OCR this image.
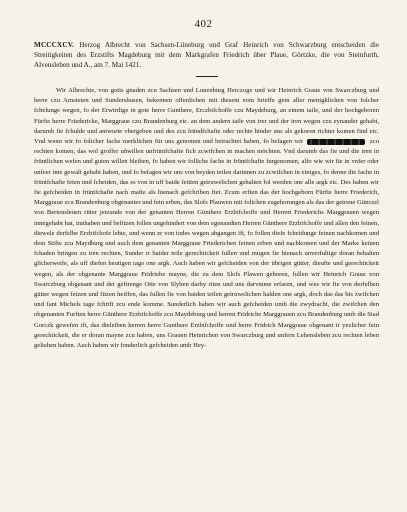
402
MCCCXCV. Herzog Albrecht von Sachsen-Lüneburg und Graf Heinrich von Schwarzburg entscheiden die Streitigkeiten des Erzstifts Magdeburg mit dem Markgrafen Friedrich über Plaue, Görtzke, die von Steinfurth, Alvensleben und A., am 7. Mai 1421.

Wir Albrechte, von gotis gnaden zcu Sachsen und Lunenburg Herczoge und wir Heinrich Graue von Swarczburg und herre czu Arnsteten und Sundershusen, bekennen offenlichen mit diesem eoin brieffe gein aller menigklichen von folcher fchelunge wegen, fo der Erwirdige in gote herre Gunthere, Erczbifchoffe czu Maydeburg, an einem taile, und der hochgeboren Fürfte herre Friedericke, Marggraue czu Brandenburg etc. an dem andern taile von irer und der iren wegen czu eynander gehabt, darumb fie fchulde und antwurte vbergeben und des zcu fründfchafte oder rechte hinder uns als gekoren richter komen find etc. Vnd wenn wir fo folicher fache merklichen für uns genomen und betrachtet haben, fo befagen wir	zcu rechten komen, das wol groffer uñwillen unfrüntfchafte fich zcwifchen in machen möchten. Vnd darumb das fie und die iren in früntlichen wefen und guten willen bleiben, fo haben wir folliche fache in früntfchafte furgenomen, alfo wie wir fie in vnfer oder unfeer ime gewalt gehabt haben, und fo befagen wir uns von beyden teilen darinnen zu zcwifchen in einiges, fo denne die fache in früntfchafte feien und fcheiden, das es von in uff baide feitten getruwelichen gehalten fol werden one alle argk etc. Des haben wir fie gefcheiden in früntfchafte nach mafte als hienach gefchriben ftet. Zcum erften das der hochgeborn Fürfte herre Friederich, Marggraue zcu Brandenburg obgenanter und fein erben, das Slofs Plauwen mit folichen zugehorungen als das der getreue Günczel von Bertensleuen ritter jetzunde von der genanten Herren Günthers Erzbifchoffs und Herren Friederichs Marggrauen wegen innegehabt hat, innhaben und befitzen follen ungehindert von dem egenandten Herren Günthere Erzbifchoffe und allen den feinen, diewele derfelbe Erzbifchofe lebte, und wenn er von todes wegen abgangen ift, fo follen diefe fcheidunge feinen nachkomen und dem Stifte zcu Maydburg und auch dem genanten Marggraue Friederichen feinen erben und nachkomen und der Marke keinen fchaden bringen zu iren rechten, Sunder ir baider teile gerechtickeit fullen und mugen fie hienach unverfultige doran behalten glicherweife, als uff diefen heutigen tage one argk. Auch haben wir gefcheiden von der übrigen gütter, dieufte und gerechtickeit wegen, als der obgenante Marggraue Fridriehe mayne, die zu dem Slofs Plawen gehoren, fullen wir Heinrich Graue von Swarczburg obgenant und der geftrenge Otte von Slyben darby riten und uns darvmme erfaren, und wes wir fie von derfelben gütter wegen fetzen und fitzen heiffen, das fullen fie von baiden teilen getruwelichen halden one argk, doch das das bis zwifchen und fant Michels tage fchrift zcu ende komme. Sunderlich haben wir auch gefcheiden umb die zwydracht, die zwifchen den obgenanten Furften herre Günthere Erzbifchoffe zcu Maydeburg und herren Fridriche Marggrauen zcu Brandenburg umb die Stad Gorczk gewefen ift, das dieleiben herren herre Gunthere Erzbifchoffe und herre Fridrich Marggraue obgenant ir yezlicher fein gerechtickeit, die er doran mayne zcu haben, uns Grauen Heinrichen von Swarczburg und unfern Lehensleben zcu rechten leben geliehen haben. Auch haben wir fonderlich gefcheiden umb Hey-
